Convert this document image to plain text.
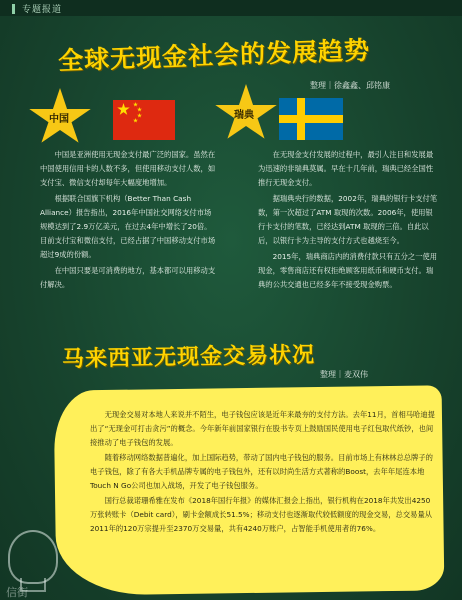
专题报道
全球无现金社会的发展趋势
整理｜徐鑫鑫、邱铭康
中国	瑞典

中国是亚洲使用无现金支付最广泛的国家。虽然在中国使用信用卡的人数不多，但使用移动支付人数，如支付宝、微信支付却每年大幅度地增加。

根据联合国旗下机构（Better Than Cash Alliance）报告指出，2016年中国社交网络支付市场规模达到了2.9万亿美元，在过去4年中增长了20倍。目前支付宝和微信支付，已经占据了中国移动支付市场超过9成的份额。

在中国只要是可消费的地方，基本都可以用移动支付解决。

在无现金支付发展的过程中，最引人注目和发展最为迅速的非瑞典莫属。早在十几年前，瑞典已经全国性推行无现金支付。

据瑞典央行的数据，2002年，瑞典的银行卡支付笔数，第一次超过了ATM 取现的次数。2006年，使用银行卡支付的笔数，已经达到ATM 取现的三倍。自此以后，以银行卡为主导的支付方式也越烧至今。

2015年，瑞典商店内的消费付款只有五分之一使用现金，零售商店还有权拒绝顾客用纸币和硬币支付。瑞典的公共交通也已经多年不接受现金购票。

马来西亚无现金交易状况
整理｜麦双伟

无现金交易对本地人来说并不陌生，电子钱包应该是近年来最夯的支付方法。去年11月，首相马哈迪提出了“无现金可打击贪污”的概念。今年新年前国家银行在股书专页上鼓励国民使用电子红包取代纸钞，也间接推动了电子钱包的发展。

随着移动网络数据普遍化，加上国际趋势，带动了国内电子钱包的服务。目前市场上有林林总总牌子的电子钱包，除了有各大手机品牌专属的电子钱包外，还有以时尚生活方式著称的Boost，去年年尾连本地Touch N Go公司也加入战场，开发了电子钱包服务。

国行总裁诺珊希雅在发布《2018年国行年报》的媒体汇报会上指出，银行机构在2018年共发出4250万张转账卡（Debit card），刷卡金额成长51.5%；移动支付也逐渐取代较低额度的现金交易，总交易量从2011年的120万宗提升至2370万交易量，共有4240万账户，占智能手机使用者的76%。

信街
